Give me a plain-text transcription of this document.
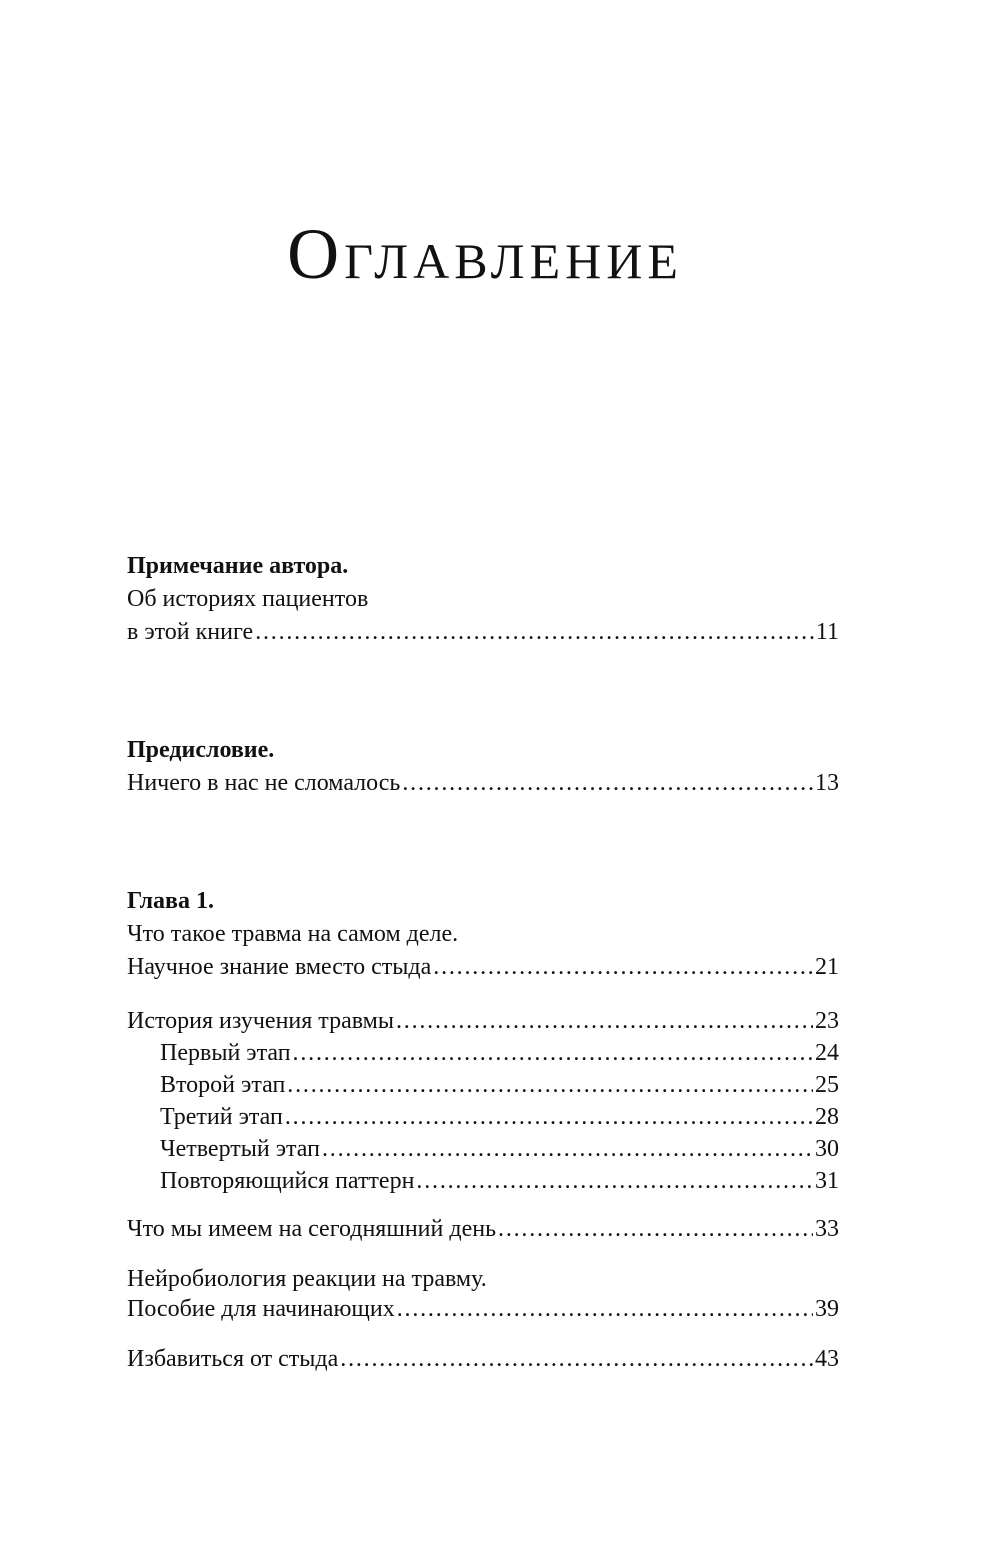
Оглавление
Примечание автора.
Об историях пациентов
в этой книге .....	11
Предисловие.
Ничего в нас не сломалось .....	13
Глава 1.
Что такое травма на самом деле.
Научное знание вместо стыда .....	21
История изучения травмы .....	23
Первый этап .....	24
Второй этап .....	25
Третий этап .....	28
Четвертый этап .....	30
Повторяющийся паттерн .....	31
Что мы имеем на сегодняшний день .....	33
Нейробиология реакции на травму.
Пособие для начинающих .....	39
Избавиться от стыда .....	43
